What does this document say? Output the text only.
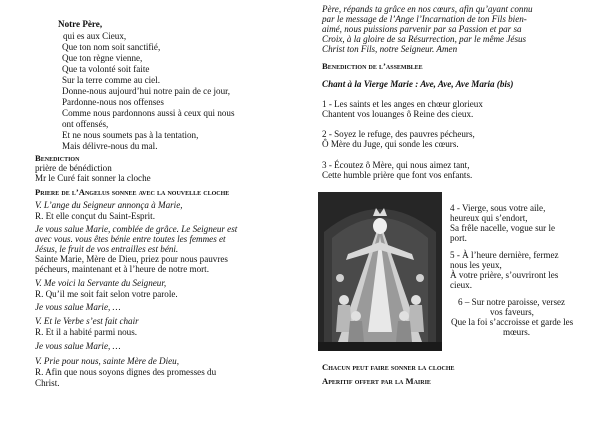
Notre Père,
qui es aux Cieux,
Que ton nom soit sanctifié,
Que ton règne vienne,
Que ta volonté soit faite
Sur la terre comme au ciel.
Donne-nous aujourd’hui notre pain de ce jour,
Pardonne-nous nos offenses
Comme nous pardonnons aussi à ceux qui nous
ont offensés,
Et ne nous soumets pas à la tentation,
Mais délivre-nous du mal.
Benediction
prière de bénédiction
Mr le Curé fait sonner la cloche
Priere de l’Angelus sonnee avec la nouvelle cloche
V. L’ange du Seigneur annonça à Marie,
R. Et elle conçut du Saint-Esprit.
Je vous salue Marie, comblée de grâce. Le Seigneur est
avec vous. vous êtes bénie entre toutes les femmes et
Jésus, le fruit de vos entrailles est béni.
Sainte Marie, Mère de Dieu, priez pour nous pauvres
pécheurs, maintenant et à l’heure de notre mort.
V. Me voici la Servante du Seigneur,
R. Qu’il me soit fait selon votre parole.
Je vous salue Marie, …
V. Et le Verbe s’est fait chair
R. Et il a habité parmi nous.
Je vous salue Marie, …
V. Prie pour nous, sainte Mère de Dieu,
R. Afin que nous soyons dignes des promesses du
Christ.
Père, répands ta grâce en nos cœurs, afin qu’ayant connu
par le message de l’Ange l’Incarnation de ton Fils bien-
aimé, nous puissions parvenir par sa Passion et par sa
Croix, à la gloire de sa Résurrection, par le même Jésus
Christ ton Fils, notre Seigneur. Amen
Benediction de l’assemblee
Chant à la Vierge Marie : Ave, Ave, Ave Maria (bis)
1 - Les saints et les anges en chœur glorieux
Chantent vos louanges ô Reine des cieux.
2 - Soyez le refuge, des pauvres pécheurs,
Ô Mère du Juge, qui sonde les cœurs.
3 - Écoutez ô Mère, qui nous aimez tant,
Cette humble prière que font vos enfants.
4 - Vierge, sous votre aile,
heureux qui s’endort,
Sa frêle nacelle, vogue sur le
port.
5 - À l’heure dernière, fermez
nous les yeux,
À votre prière, s’ouvriront les
cieux.
6 – Sur notre paroisse, versez
vos faveurs,
Que la foi s’accroisse et garde les
mœurs.
Chacun peut faire sonner la cloche
Aperitif offert par la Mairie
